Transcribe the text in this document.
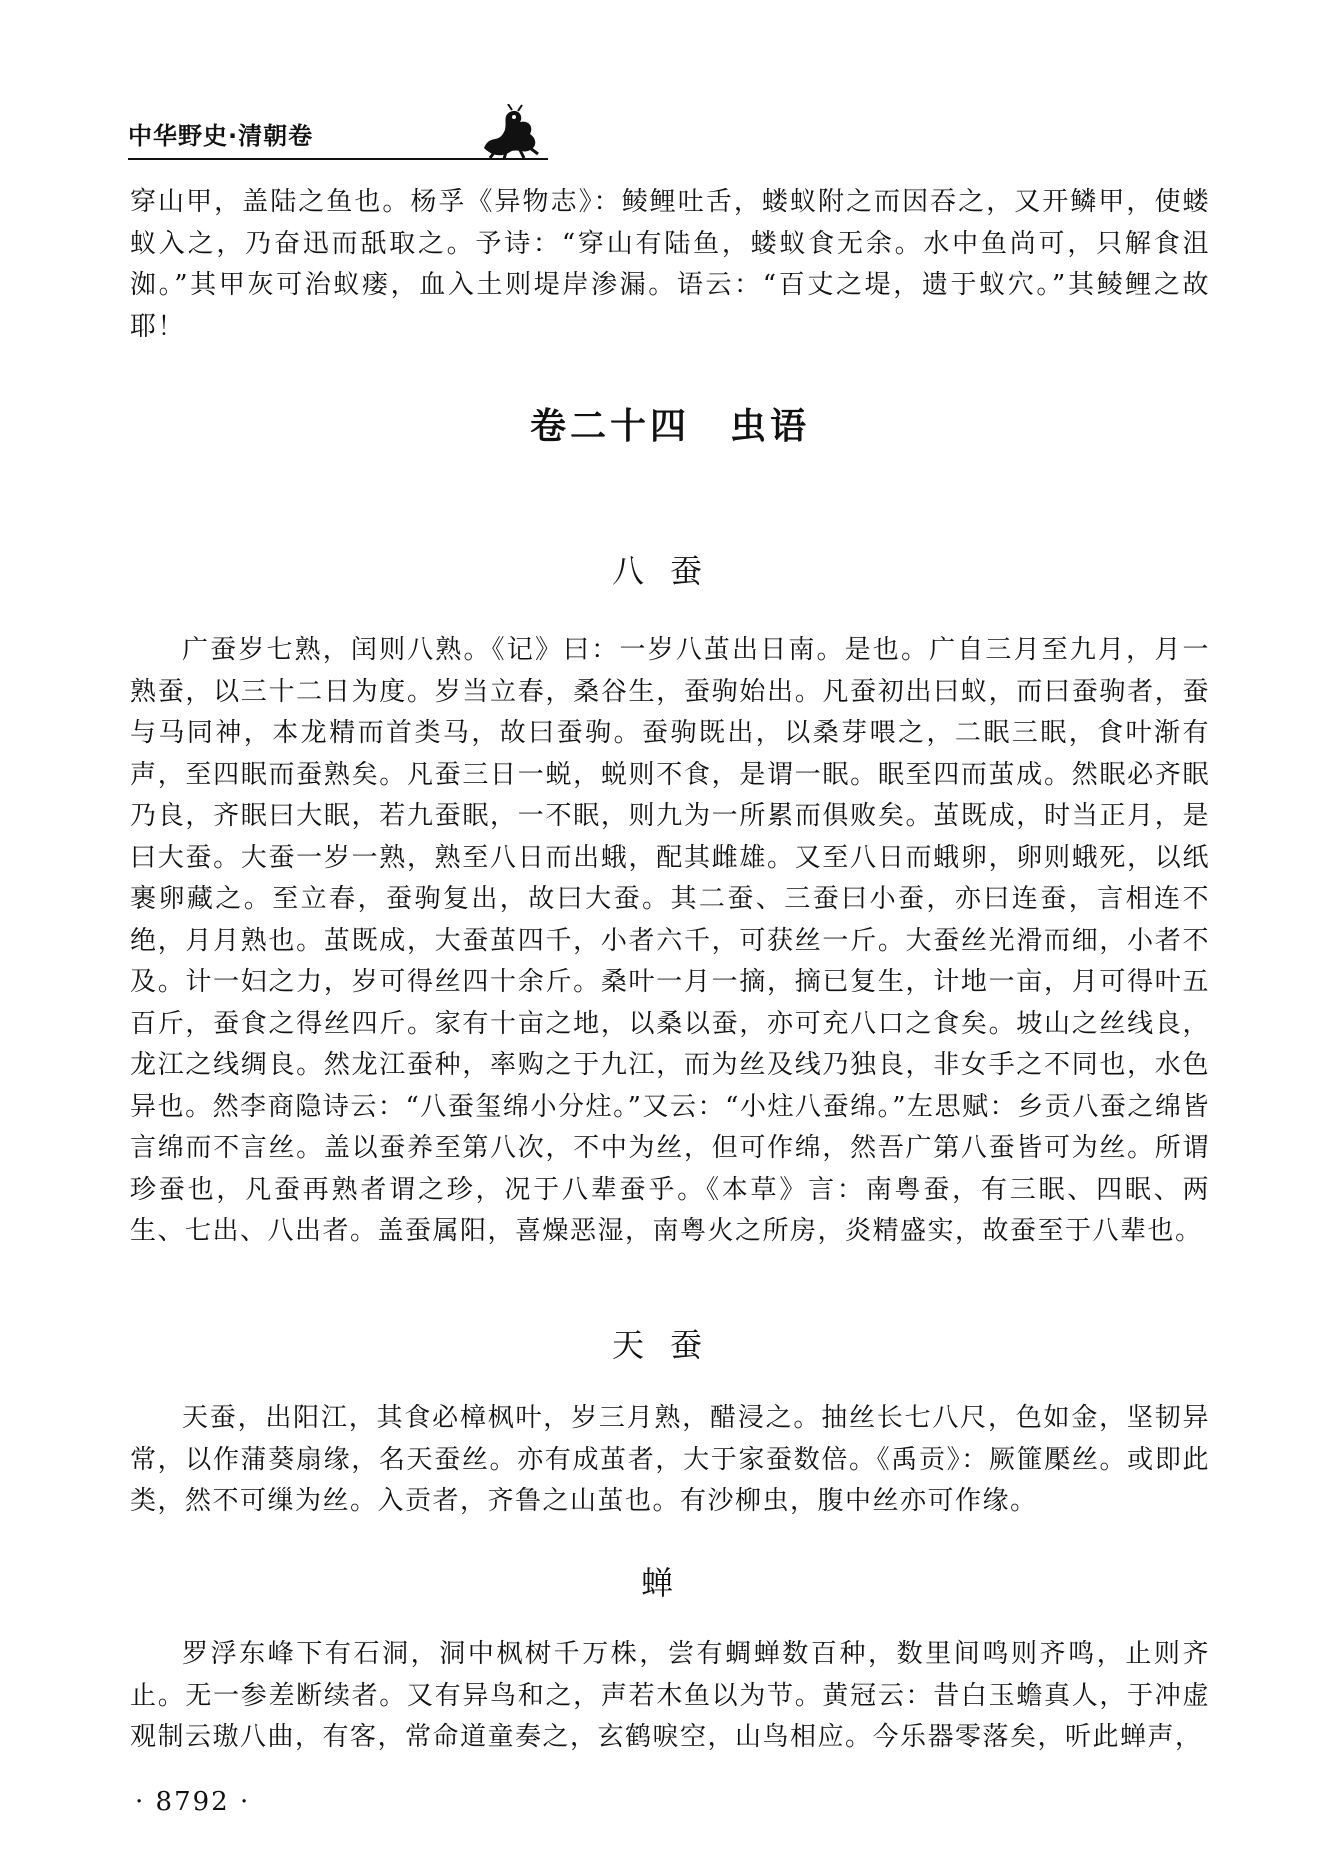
中华野史·清朝卷

穿山甲，盖陆之鱼也。杨孚《异物志》：鲮鲤吐舌，蝼蚁附之而因吞之，又开鳞甲，使蝼蚁入之，乃奋迅而舐取之。予诗：“穿山有陆鱼，蝼蚁食无余。水中鱼尚可，只解食沮洳。”其甲灰可治蚁瘘，血入土则堤岸渗漏。语云：“百丈之堤，遗于蚁穴。”其鲮鲤之故耶！

卷二十四　虫语
八蚕

广蚕岁七熟，闰则八熟。《记》曰：一岁八茧出日南。是也。广自三月至九月，月一熟蚕，以三十二日为度。岁当立春，桑谷生，蚕驹始出。凡蚕初出曰蚁，而曰蚕驹者，蚕与马同神，本龙精而首类马，故曰蚕驹。蚕驹既出，以桑芽喂之，二眠三眠，食叶渐有声，至四眠而蚕熟矣。凡蚕三日一蜕，蜕则不食，是谓一眠。眠至四而茧成。然眠必齐眠乃良，齐眠曰大眠，若九蚕眠，一不眠，则九为一所累而俱败矣。茧既成，时当正月，是曰大蚕。大蚕一岁一熟，熟至八日而出蛾，配其雌雄。又至八日而蛾卵，卵则蛾死，以纸裹卵藏之。至立春，蚕驹复出，故曰大蚕。其二蚕、三蚕曰小蚕，亦曰连蚕，言相连不绝，月月熟也。茧既成，大蚕茧四千，小者六千，可获丝一斤。大蚕丝光滑而细，小者不及。计一妇之力，岁可得丝四十余斤。桑叶一月一摘，摘已复生，计地一亩，月可得叶五百斤，蚕食之得丝四斤。家有十亩之地，以桑以蚕，亦可充八口之食矣。坡山之丝线良，龙江之线绸良。然龙江蚕种，率购之于九江，而为丝及线乃独良，非女手之不同也，水色异也。然李商隐诗云：“八蚕玺绵小分炷。”又云：“小炷八蚕绵。”左思赋：乡贡八蚕之绵皆言绵而不言丝。盖以蚕养至第八次，不中为丝，但可作绵，然吾广第八蚕皆可为丝。所谓珍蚕也，凡蚕再熟者谓之珍，况于八辈蚕乎。《本草》言：南粤蚕，有三眠、四眠、两生、七出、八出者。盖蚕属阳，喜燥恶湿，南粤火之所房，炎精盛实，故蚕至于八辈也。

天蚕

天蚕，出阳江，其食必樟枫叶，岁三月熟，醋浸之。抽丝长七八尺，色如金，坚韧异常，以作蒲葵扇缘，名天蚕丝。亦有成茧者，大于家蚕数倍。《禹贡》：厥篚檿丝。或即此类，然不可缫为丝。入贡者，齐鲁之山茧也。有沙柳虫，腹中丝亦可作缘。

蝉

罗浮东峰下有石洞，洞中枫树千万株，尝有蜩蝉数百种，数里间鸣则齐鸣，止则齐止。无一参差断续者。又有异鸟和之，声若木鱼以为节。黄冠云：昔白玉蟾真人，于冲虚观制云璈八曲，有客，常命道童奏之，玄鹤唳空，山鸟相应。今乐器零落矣，听此蝉声，

· 8792 ·
